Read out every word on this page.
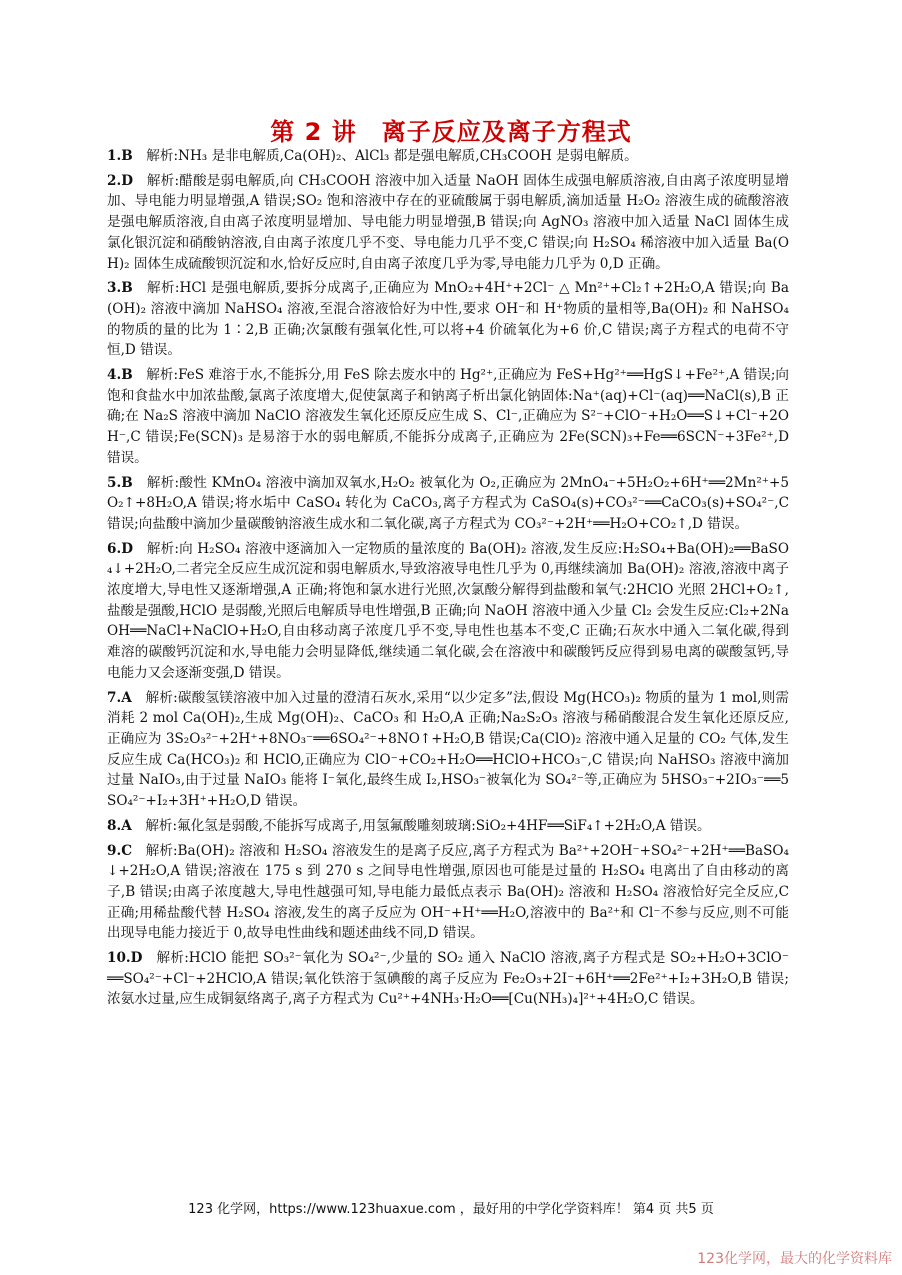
第 2 讲　离子反应及离子方程式

1.B　 解析:NH₃ 是非电解质,Ca(OH)₂、AlCl₃ 都是强电解质,CH₃COOH 是弱电解质。

2.D　 解析:醋酸是弱电解质,向 CH₃COOH 溶液中加入适量 NaOH 固体生成强电解质溶液,自由离子浓度明显增加、导电能力明显增强,A 错误;SO₂ 饱和溶液中存在的亚硫酸属于弱电解质,滴加适量 H₂O₂ 溶液生成的硫酸溶液是强电解质溶液,自由离子浓度明显增加、导电能力明显增强,B 错误;向 AgNO₃ 溶液中加入适量 NaCl 固体生成氯化银沉淀和硝酸钠溶液,自由离子浓度几乎不变、导电能力几乎不变,C 错误;向 H₂SO₄ 稀溶液中加入适量 Ba(OH)₂ 固体生成硫酸钡沉淀和水,恰好反应时,自由离子浓度几乎为零,导电能力几乎为 0,D 正确。

3.B　 解析:HCl 是强电解质,要拆分成离子,正确应为 MnO₂+4H⁺+2Cl⁻ △ Mn²⁺+Cl₂↑+2H₂O,A 错误;向 Ba(OH)₂ 溶液中滴加 NaHSO₄ 溶液,至混合溶液恰好为中性,要求 OH⁻和 H⁺物质的量相等,Ba(OH)₂ 和 NaHSO₄ 的物质的量的比为 1∶2,B 正确;次氯酸有强氧化性,可以将+4 价硫氧化为+6 价,C 错误;离子方程式的电荷不守恒,D 错误。

4.B　 解析:FeS 难溶于水,不能拆分,用 FeS 除去废水中的 Hg²⁺,正确应为 FeS+Hg²⁺══HgS↓+Fe²⁺,A 错误;向饱和食盐水中加浓盐酸,氯离子浓度增大,促使氯离子和钠离子析出氯化钠固体:Na⁺(aq)+Cl⁻(aq)══NaCl(s),B 正确;在 Na₂S 溶液中滴加 NaClO 溶液发生氧化还原反应生成 S、Cl⁻,正确应为 S²⁻+ClO⁻+H₂O══S↓+Cl⁻+2OH⁻,C 错误;Fe(SCN)₃ 是易溶于水的弱电解质,不能拆分成离子,正确应为 2Fe(SCN)₃+Fe══6SCN⁻+3Fe²⁺,D 错误。

5.B　 解析:酸性 KMnO₄ 溶液中滴加双氧水,H₂O₂ 被氧化为 O₂,正确应为 2MnO₄⁻+5H₂O₂+6H⁺══2Mn²⁺+5O₂↑+8H₂O,A 错误;将水垢中 CaSO₄ 转化为 CaCO₃,离子方程式为 CaSO₄(s)+CO₃²⁻══CaCO₃(s)+SO₄²⁻,C 错误;向盐酸中滴加少量碳酸钠溶液生成水和二氧化碳,离子方程式为 CO₃²⁻+2H⁺══H₂O+CO₂↑,D 错误。

6.D　 解析:向 H₂SO₄ 溶液中逐滴加入一定物质的量浓度的 Ba(OH)₂ 溶液,发生反应:H₂SO₄+Ba(OH)₂══BaSO₄↓+2H₂O,二者完全反应生成沉淀和弱电解质水,导致溶液导电性几乎为 0,再继续滴加 Ba(OH)₂ 溶液,溶液中离子浓度增大,导电性又逐渐增强,A 正确;将饱和氯水进行光照,次氯酸分解得到盐酸和氧气:2HClO 光照 2HCl+O₂↑,盐酸是强酸,HClO 是弱酸,光照后电解质导电性增强,B 正确;向 NaOH 溶液中通入少量 Cl₂ 会发生反应:Cl₂+2NaOH══NaCl+NaClO+H₂O,自由移动离子浓度几乎不变,导电性也基本不变,C 正确;石灰水中通入二氧化碳,得到难溶的碳酸钙沉淀和水,导电能力会明显降低,继续通二氧化碳,会在溶液中和碳酸钙反应得到易电离的碳酸氢钙,导电能力又会逐渐变强,D 错误。

7.A　 解析:碳酸氢镁溶液中加入过量的澄清石灰水,采用“以少定多”法,假设 Mg(HCO₃)₂ 物质的量为 1 mol,则需消耗 2 mol Ca(OH)₂,生成 Mg(OH)₂、CaCO₃ 和 H₂O,A 正确;Na₂S₂O₃ 溶液与稀硝酸混合发生氧化还原反应,正确应为 3S₂O₃²⁻+2H⁺+8NO₃⁻══6SO₄²⁻+8NO↑+H₂O,B 错误;Ca(ClO)₂ 溶液中通入足量的 CO₂ 气体,发生反应生成 Ca(HCO₃)₂ 和 HClO,正确应为 ClO⁻+CO₂+H₂O══HClO+HCO₃⁻,C 错误;向 NaHSO₃ 溶液中滴加过量 NaIO₃,由于过量 NaIO₃ 能将 I⁻氧化,最终生成 I₂,HSO₃⁻被氧化为 SO₄²⁻等,正确应为 5HSO₃⁻+2IO₃⁻══5SO₄²⁻+I₂+3H⁺+H₂O,D 错误。

8.A　 解析:氟化氢是弱酸,不能拆写成离子,用氢氟酸雕刻玻璃:SiO₂+4HF══SiF₄↑+2H₂O,A 错误。

9.C　 解析:Ba(OH)₂ 溶液和 H₂SO₄ 溶液发生的是离子反应,离子方程式为 Ba²⁺+2OH⁻+SO₄²⁻+2H⁺══BaSO₄↓+2H₂O,A 错误;溶液在 175 s 到 270 s 之间导电性增强,原因也可能是过量的 H₂SO₄ 电离出了自由移动的离子,B 错误;由离子浓度越大,导电性越强可知,导电能力最低点表示 Ba(OH)₂ 溶液和 H₂SO₄ 溶液恰好完全反应,C 正确;用稀盐酸代替 H₂SO₄ 溶液,发生的离子反应为 OH⁻+H⁺══H₂O,溶液中的 Ba²⁺和 Cl⁻不参与反应,则不可能出现导电能力接近于 0,故导电性曲线和题述曲线不同,D 错误。

10.D　 解析:HClO 能把 SO₃²⁻氧化为 SO₄²⁻,少量的 SO₂ 通入 NaClO 溶液,离子方程式是 SO₂+H₂O+3ClO⁻══SO₄²⁻+Cl⁻+2HClO,A 错误;氧化铁溶于氢碘酸的离子反应为 Fe₂O₃+2I⁻+6H⁺══2Fe²⁺+I₂+3H₂O,B 错误;浓氨水过量,应生成铜氨络离子,离子方程式为 Cu²⁺+4NH₃·H₂O══[Cu(NH₃)₄]²⁺+4H₂O,C 错误。

123 化学网，https://www.123huaxue.com ，最好用的中学化学资料库！ 第4 页 共5 页
123化学网，最大的化学资料库
